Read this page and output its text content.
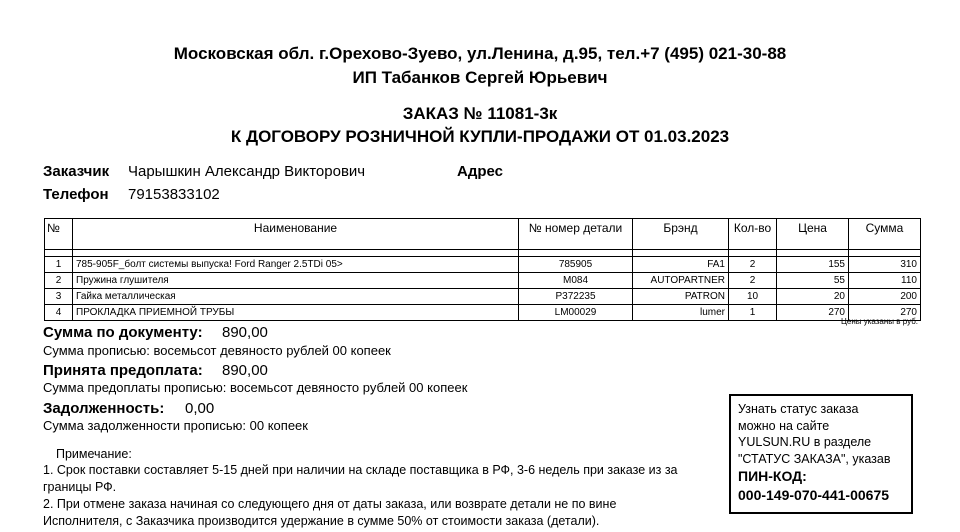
Московская обл. г.Орехово-Зуево, ул.Ленина, д.95, тел.+7 (495) 021-30-88
ИП Табанков Сергей Юрьевич
ЗАКАЗ № 11081-3к
К ДОГОВОРУ РОЗНИЧНОЙ КУПЛИ-ПРОДАЖИ ОТ 01.03.2023
Заказчик Чарышкин Александр Викторович	Адрес
Телефон 79153833102
№	Наименование	№ номер детали	Брэнд	Кол-во	Цена	Сумма

1	785-905F_болт системы выпуска! Ford Ranger 2.5TDi 05>	785905	FA1	2	155	310
2	Пружина глушителя	M084	AUTOPARTNER	2	55	110
3	Гайка металлическая	P372235	PATRON	10	20	200
4	ПРОКЛАДКА ПРИЕМНОЙ ТРУБЫ	LM00029	lumer	1	270	270
Цены указаны в руб.
Сумма по документу: 890,00
Сумма прописью: восемьсот девяносто рублей 00 копеек
Принята предоплата: 890,00
Сумма предоплаты прописью: восемьсот девяносто рублей 00 копеек
Задолженность: 0,00
Сумма задолженности прописью: 00 копеек
Примечание:
1. Срок поставки составляет 5-15 дней при наличии на складе поставщика в РФ, 3-6 недель при заказе из за
границы РФ.
2. При отмене заказа начиная со следующего дня от даты заказа, или возврате детали не по вине
Исполнителя, с Заказчика производится удержание в сумме 50% от стоимости заказа (детали).
Узнать статус заказа
можно на сайте
YULSUN.RU в разделе
"СТАТУС ЗАКАЗА", указав
ПИН-КОД:
000-149-070-441-00675
